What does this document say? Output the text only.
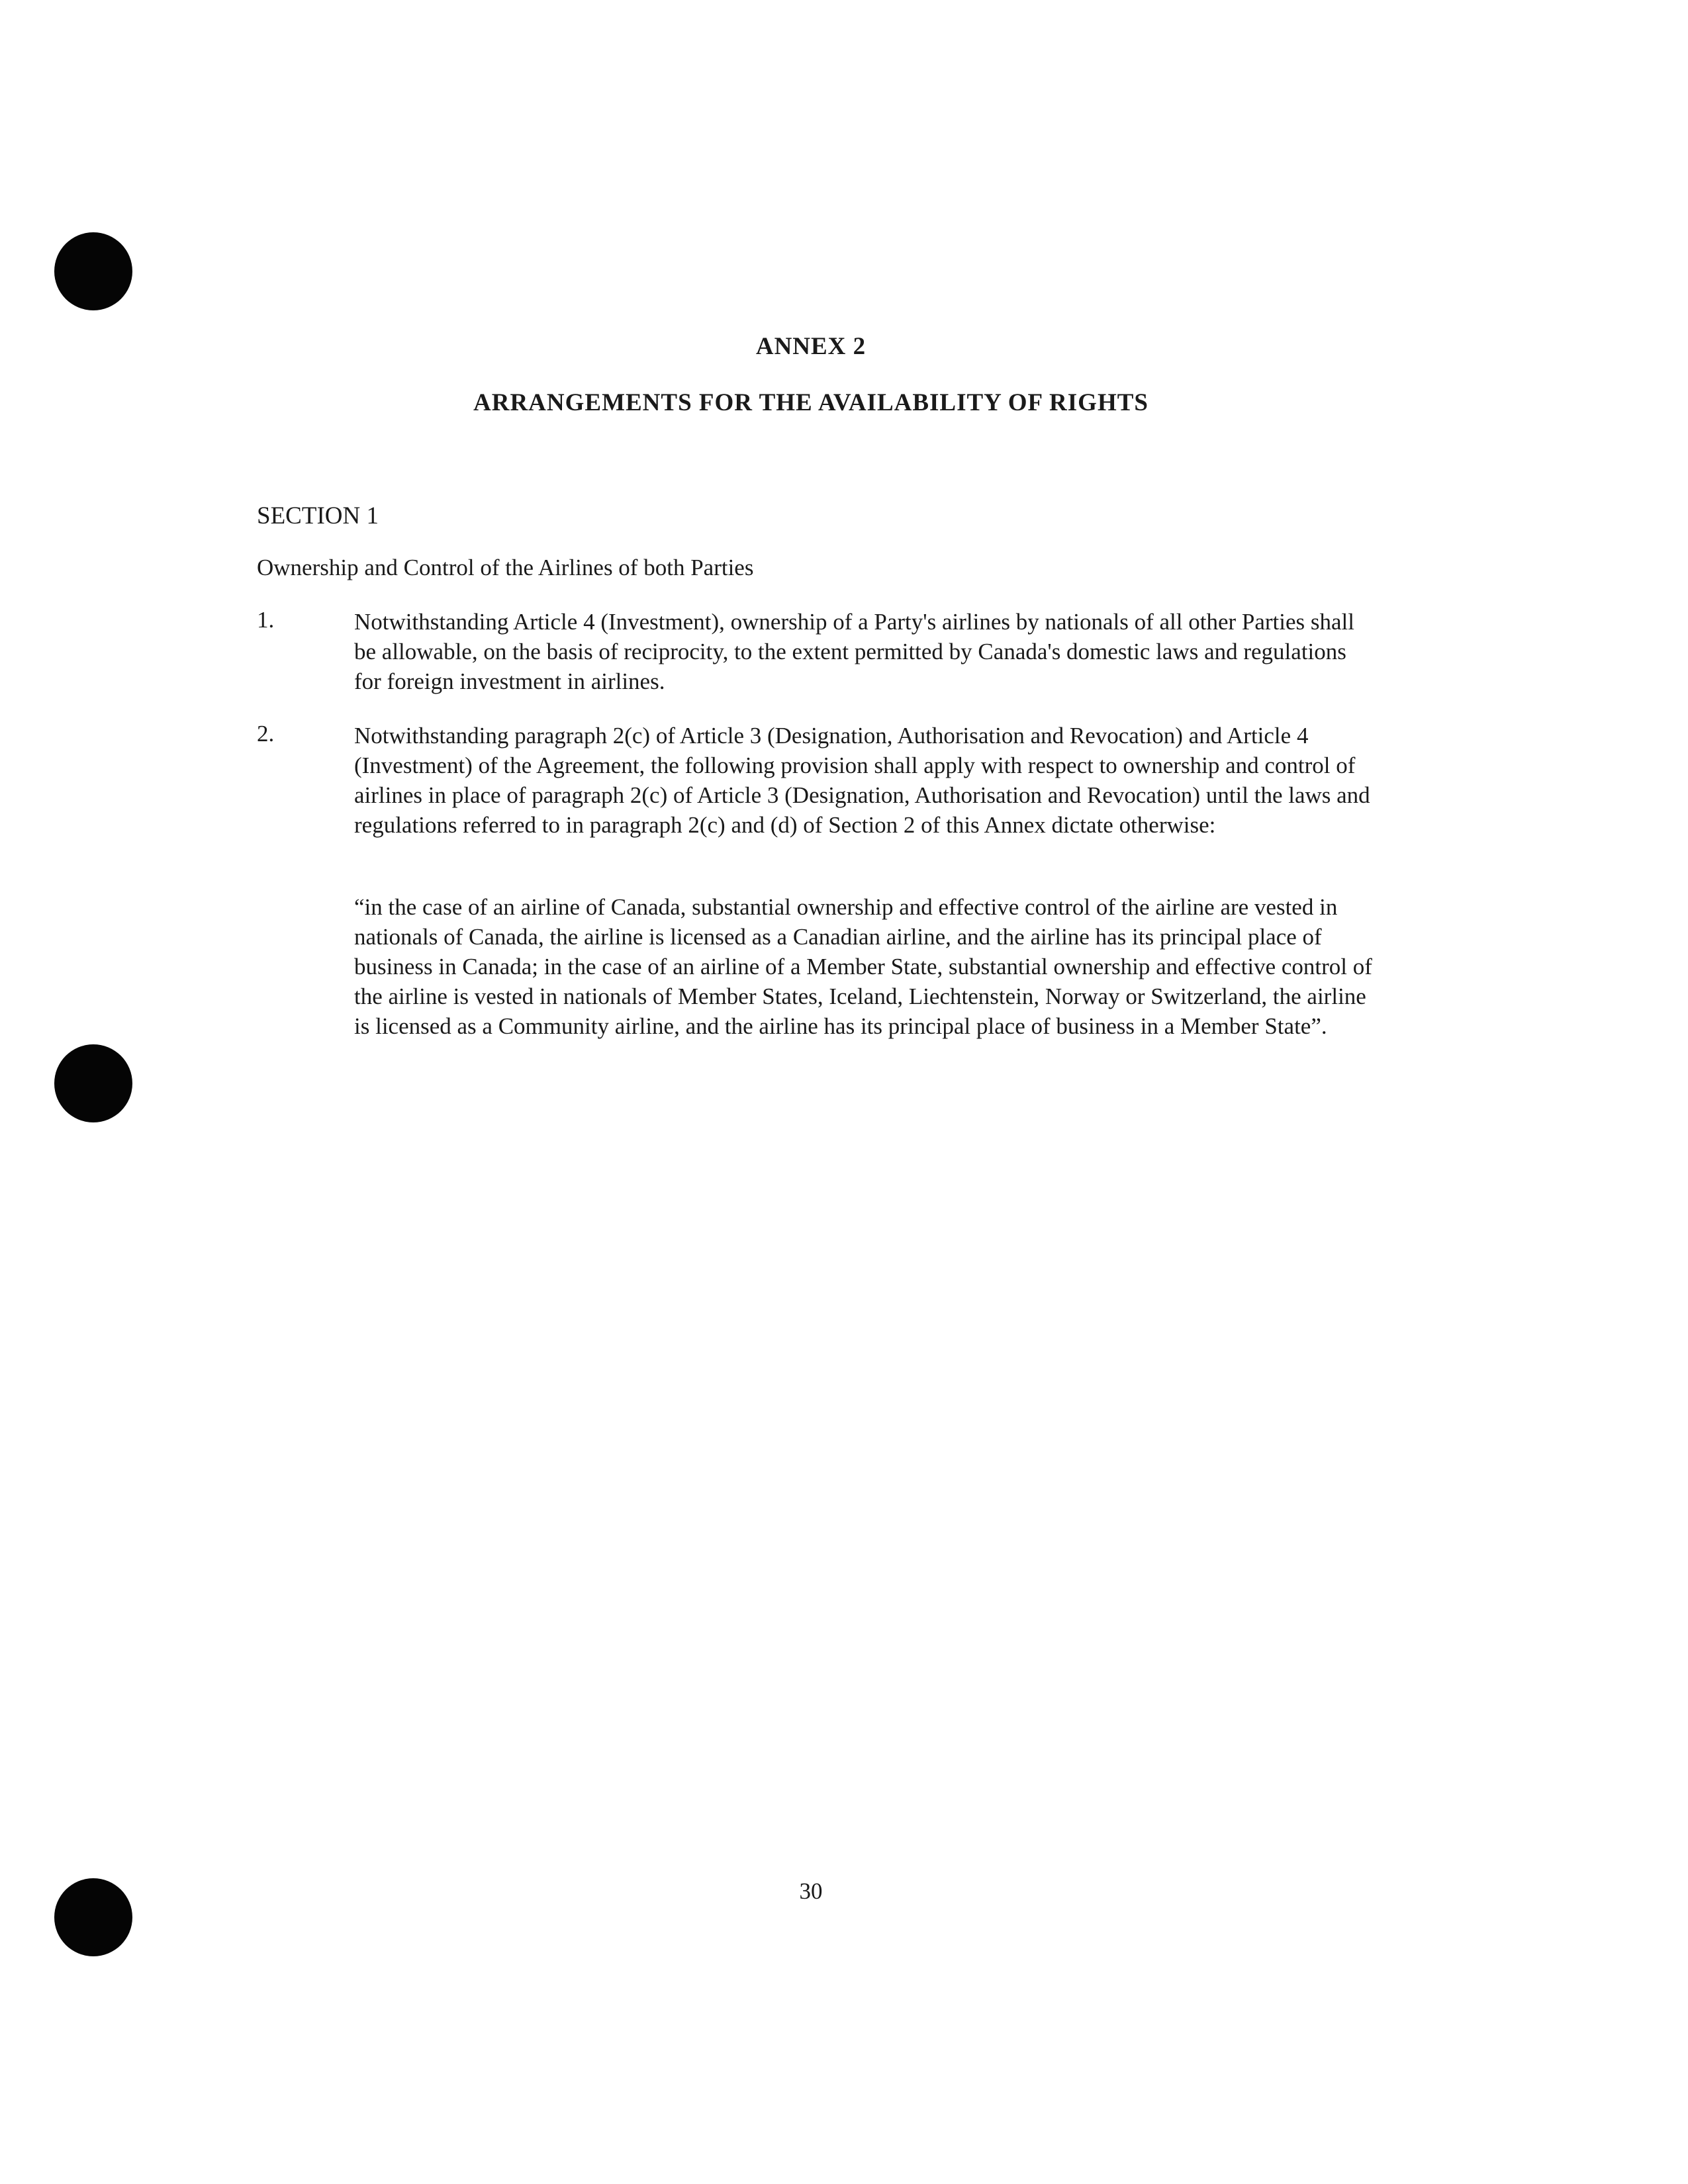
ANNEX 2
ARRANGEMENTS FOR THE AVAILABILITY OF RIGHTS
SECTION 1
Ownership and Control of the Airlines of both Parties
1.	Notwithstanding Article 4 (Investment), ownership of a Party's airlines by nationals of all other Parties shall be allowable, on the basis of reciprocity, to the extent permitted by Canada's domestic laws and regulations for foreign investment in airlines.
2.	Notwithstanding paragraph 2(c) of Article 3 (Designation, Authorisation and Revocation) and Article 4 (Investment) of the Agreement, the following provision shall apply with respect to ownership and control of airlines in place of paragraph 2(c) of Article 3 (Designation, Authorisation and Revocation) until the laws and regulations referred to in paragraph 2(c) and (d) of Section 2 of this Annex dictate otherwise:
“in the case of an airline of Canada, substantial ownership and effective control of the airline are vested in nationals of Canada, the airline is licensed as a Canadian airline, and the airline has its principal place of business in Canada; in the case of an airline of a Member State, substantial ownership and effective control of the airline is vested in nationals of Member States, Iceland, Liechtenstein, Norway or Switzerland, the airline is licensed as a Community airline, and the airline has its principal place of business in a Member State”.
30
